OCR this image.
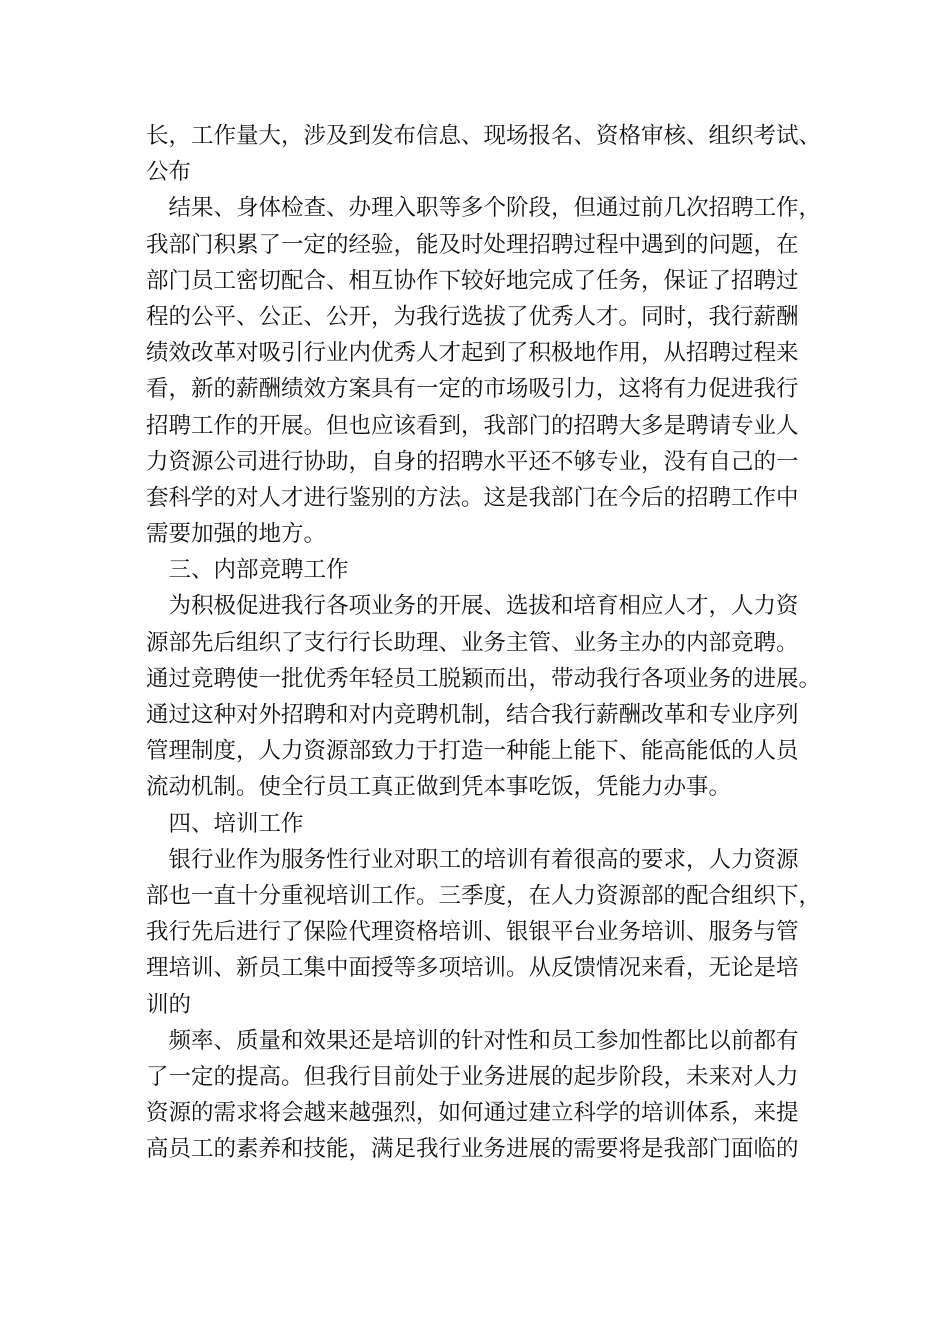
长，工作量大，涉及到发布信息、现场报名、资格审核、组织考试、
公布
　结果、身体检查、办理入职等多个阶段，但通过前几次招聘工作，
我部门积累了一定的经验，能及时处理招聘过程中遇到的问题，在
部门员工密切配合、相互协作下较好地完成了任务，保证了招聘过
程的公平、公正、公开，为我行选拔了优秀人才。同时，我行薪酬
绩效改革对吸引行业内优秀人才起到了积极地作用，从招聘过程来
看，新的薪酬绩效方案具有一定的市场吸引力，这将有力促进我行
招聘工作的开展。但也应该看到，我部门的招聘大多是聘请专业人
力资源公司进行协助，自身的招聘水平还不够专业，没有自己的一
套科学的对人才进行鉴别的方法。这是我部门在今后的招聘工作中
需要加强的地方。
　三、内部竞聘工作
　为积极促进我行各项业务的开展、选拔和培育相应人才，人力资
源部先后组织了支行行长助理、业务主管、业务主办的内部竞聘。
通过竞聘使一批优秀年轻员工脱颖而出，带动我行各项业务的进展。
通过这种对外招聘和对内竞聘机制，结合我行薪酬改革和专业序列
管理制度，人力资源部致力于打造一种能上能下、能高能低的人员
流动机制。使全行员工真正做到凭本事吃饭，凭能力办事。
　四、培训工作
　银行业作为服务性行业对职工的培训有着很高的要求，人力资源
部也一直十分重视培训工作。三季度，在人力资源部的配合组织下，
我行先后进行了保险代理资格培训、银银平台业务培训、服务与管
理培训、新员工集中面授等多项培训。从反馈情况来看，无论是培
训的
　频率、质量和效果还是培训的针对性和员工参加性都比以前都有
了一定的提高。但我行目前处于业务进展的起步阶段，未来对人力
资源的需求将会越来越强烈，如何通过建立科学的培训体系，来提
高员工的素养和技能，满足我行业务进展的需要将是我部门面临的
